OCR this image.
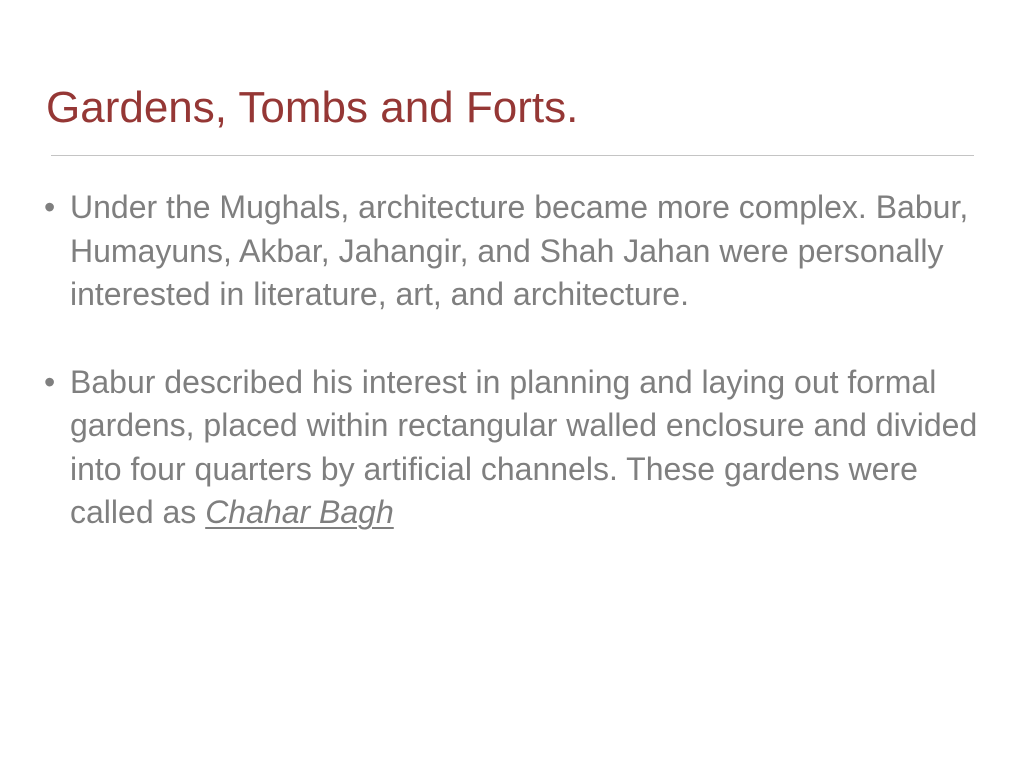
Gardens, Tombs and Forts.
• Under the Mughals, architecture became more complex. Babur, Humayuns, Akbar, Jahangir, and Shah Jahan were personally interested in literature, art, and architecture.
• Babur described his interest in planning and laying out formal gardens, placed within rectangular walled enclosure and divided into four quarters by artificial channels. These gardens were called as Chahar Bagh
